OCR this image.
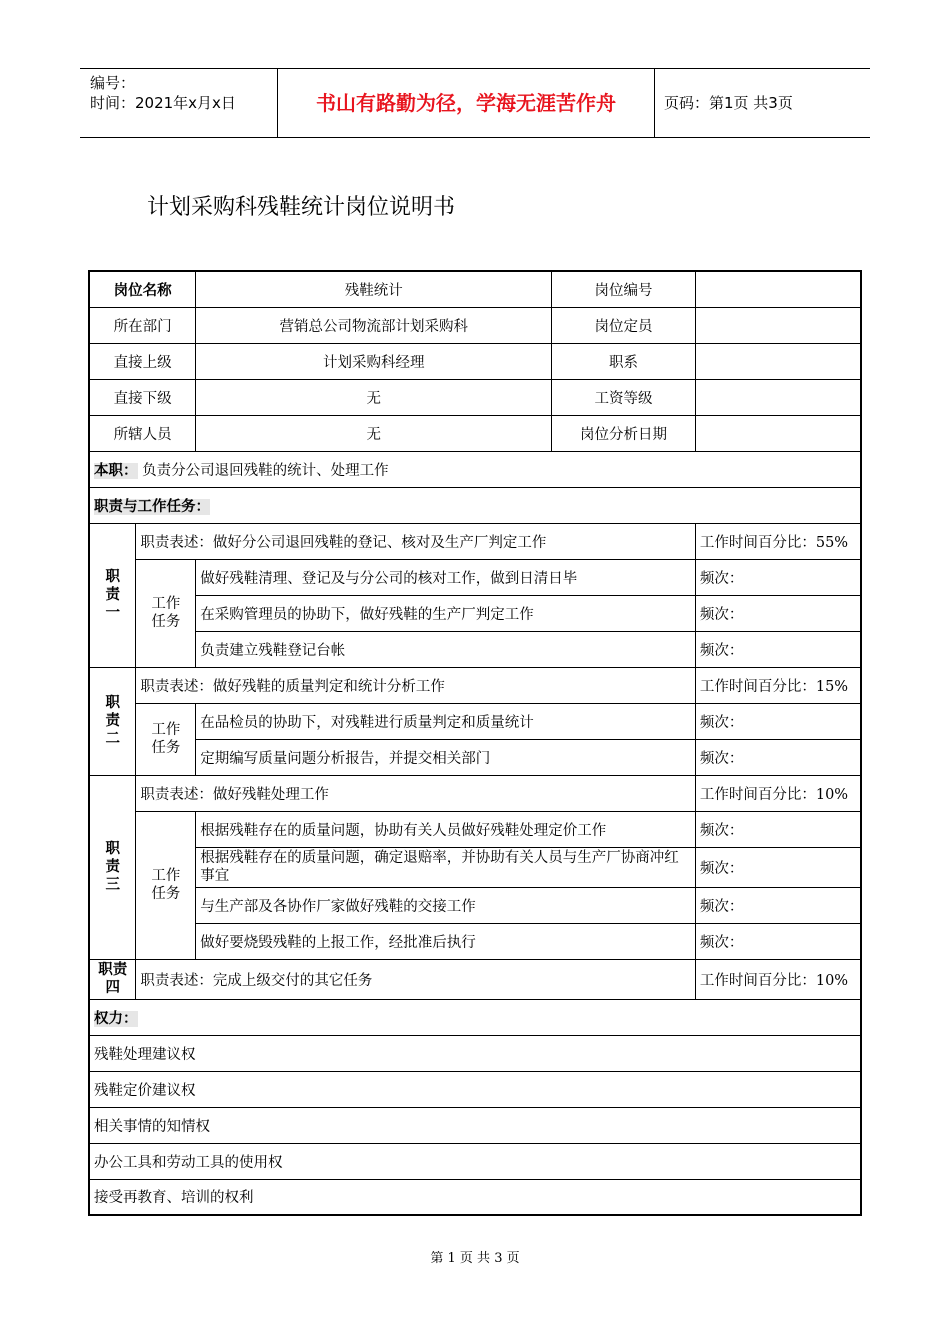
编号：
时间：2021年x月x日	书山有路勤为径，学海无涯苦作舟	页码：第1页 共3页
计划采购科残鞋统计岗位说明书
岗位名称		残鞋统计	岗位编号	
所在部门		营销总公司物流部计划采购科	岗位定员	
直接上级		计划采购科经理	职系	
直接下级		无	工资等级	
所辖人员		无	岗位分析日期	
本职： 负责分公司退回残鞋的统计、处理工作				
职责与工作任务：				

职
责
一	职责表述：做好分公司退回残鞋的登记、核对及生产厂判定工作			工作时间百分比：55%

	工作
任务	做好残鞋清理、登记及与分公司的核对工作，做到日清日毕		频次：
		在采购管理员的协助下，做好残鞋的生产厂判定工作		频次：
		负责建立残鞋登记台帐		频次：

职
责
二	职责表述：做好残鞋的质量判定和统计分析工作			工作时间百分比：15%

	工作
任务	在品检员的协助下，对残鞋进行质量判定和质量统计		频次：
		定期编写质量问题分析报告，并提交相关部门		频次：

职
责
三	职责表述：做好残鞋处理工作			工作时间百分比：10%

	工作
任务	根据残鞋存在的质量问题，协助有关人员做好残鞋处理定价工作		频次：
		根据残鞋存在的质量问题，确定退赔率，并协助有关人员与生产厂协商冲红事宜		频次：
		与生产部及各协作厂家做好残鞋的交接工作		频次：
		做好要烧毁残鞋的上报工作，经批准后执行		频次：

职责
四	职责表述：完成上级交付的其它任务			工作时间百分比：10%
权力：				
残鞋处理建议权				
残鞋定价建议权				
相关事情的知情权				
办公工具和劳动工具的使用权				
接受再教育、培训的权利				
第 1 页 共 3 页
